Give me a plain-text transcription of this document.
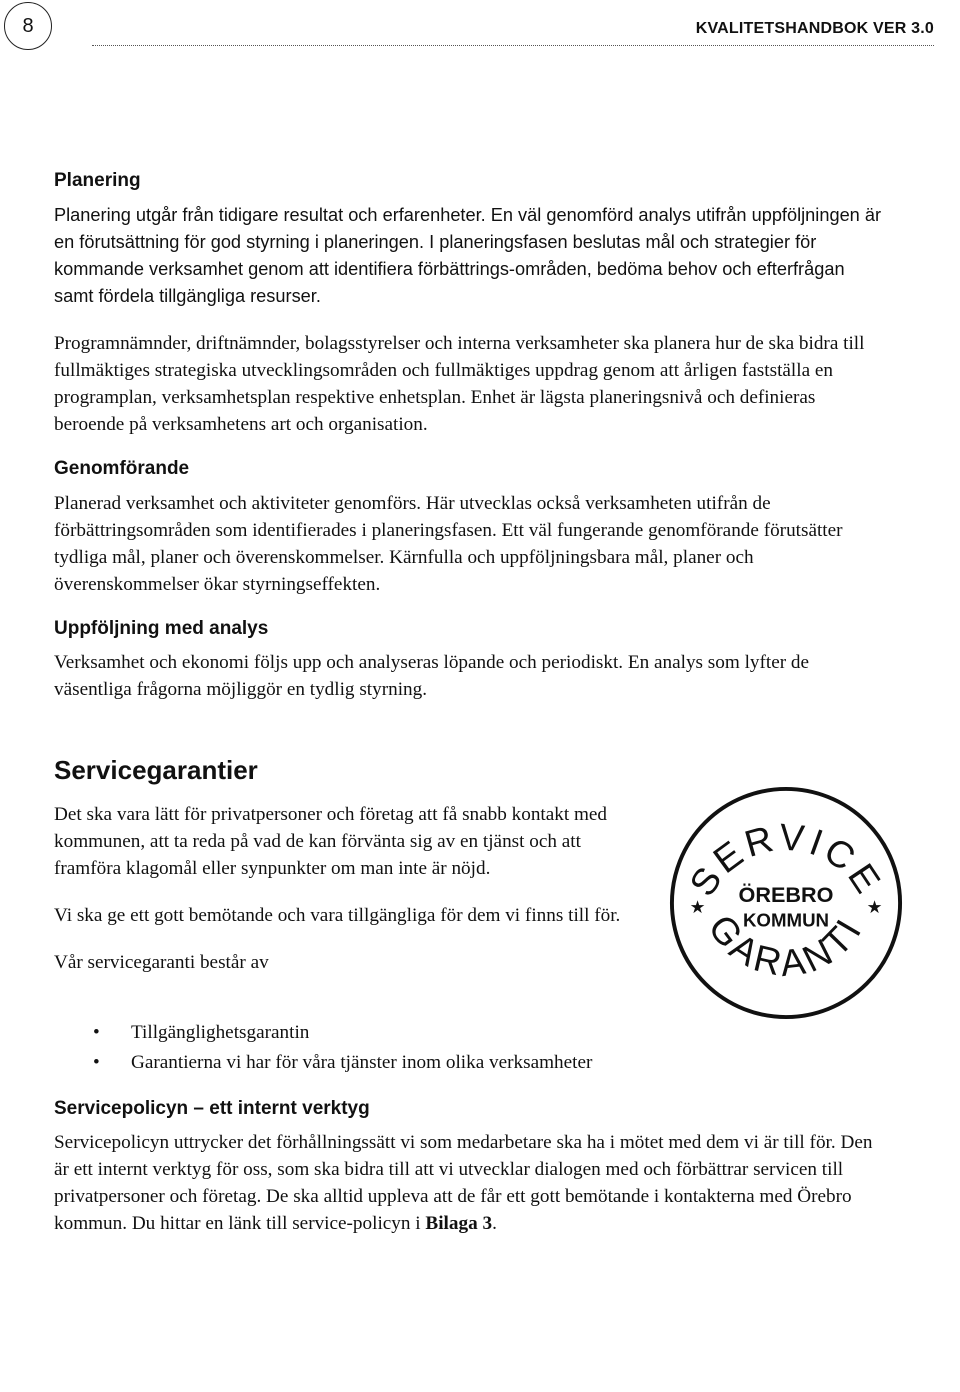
8	KVALITETSHANDBOK VER 3.0
Planering

Planering utgår från tidigare resultat och erfarenheter. En väl genomförd analys utifrån uppföljningen är en förutsättning för god styrning i planeringen. I planeringsfasen beslutas mål och strategier för kommande verksamhet genom att identifiera förbättrings-områden, bedöma behov och efterfrågan samt fördela tillgängliga resurser.

Programnämnder, driftnämnder, bolagsstyrelser och interna verksamheter ska planera hur de ska bidra till fullmäktiges strategiska utvecklingsområden och fullmäktiges uppdrag genom att årligen fastställa en programplan, verksamhetsplan respektive enhetsplan. Enhet är lägsta planeringsnivå och definieras beroende på verksamhetens art och organisation.

Genomförande

Planerad verksamhet och aktiviteter genomförs. Här utvecklas också verksamheten utifrån de förbättringsområden som identifierades i planeringsfasen. Ett väl fungerande genomförande förutsätter tydliga mål, planer och överenskommelser. Kärnfulla och uppföljningsbara mål, planer och överenskommelser ökar styrningseffekten.

Uppföljning med analys

Verksamhet och ekonomi följs upp och analyseras löpande och periodiskt. En analys som lyfter de väsentliga frågorna möjliggör en tydlig styrning.

Servicegarantier

Det ska vara lätt för privatpersoner och företag att få snabb kontakt med kommunen, att ta reda på vad de kan förvänta sig av en tjänst och att framföra klagomål eller synpunkter om man inte är nöjd.

Vi ska ge ett gott bemötande och vara tillgängliga för dem vi finns till för.

Vår servicegaranti består av

SERVICE
GARANTI
★	★
ÖREBRO
KOMMUN
• Tillgänglighetsgarantin
• Garantierna vi har för våra tjänster inom olika verksamheter
Servicepolicyn – ett internt verktyg

Servicepolicyn uttrycker det förhållningssätt vi som medarbetare ska ha i mötet med dem vi är till för. Den är ett internt verktyg för oss, som ska bidra till att vi utvecklar dialogen med och förbättrar servicen till privatpersoner och företag. De ska alltid uppleva att de får ett gott bemötande i kontakterna med Örebro kommun. Du hittar en länk till service-policyn i Bilaga 3.
